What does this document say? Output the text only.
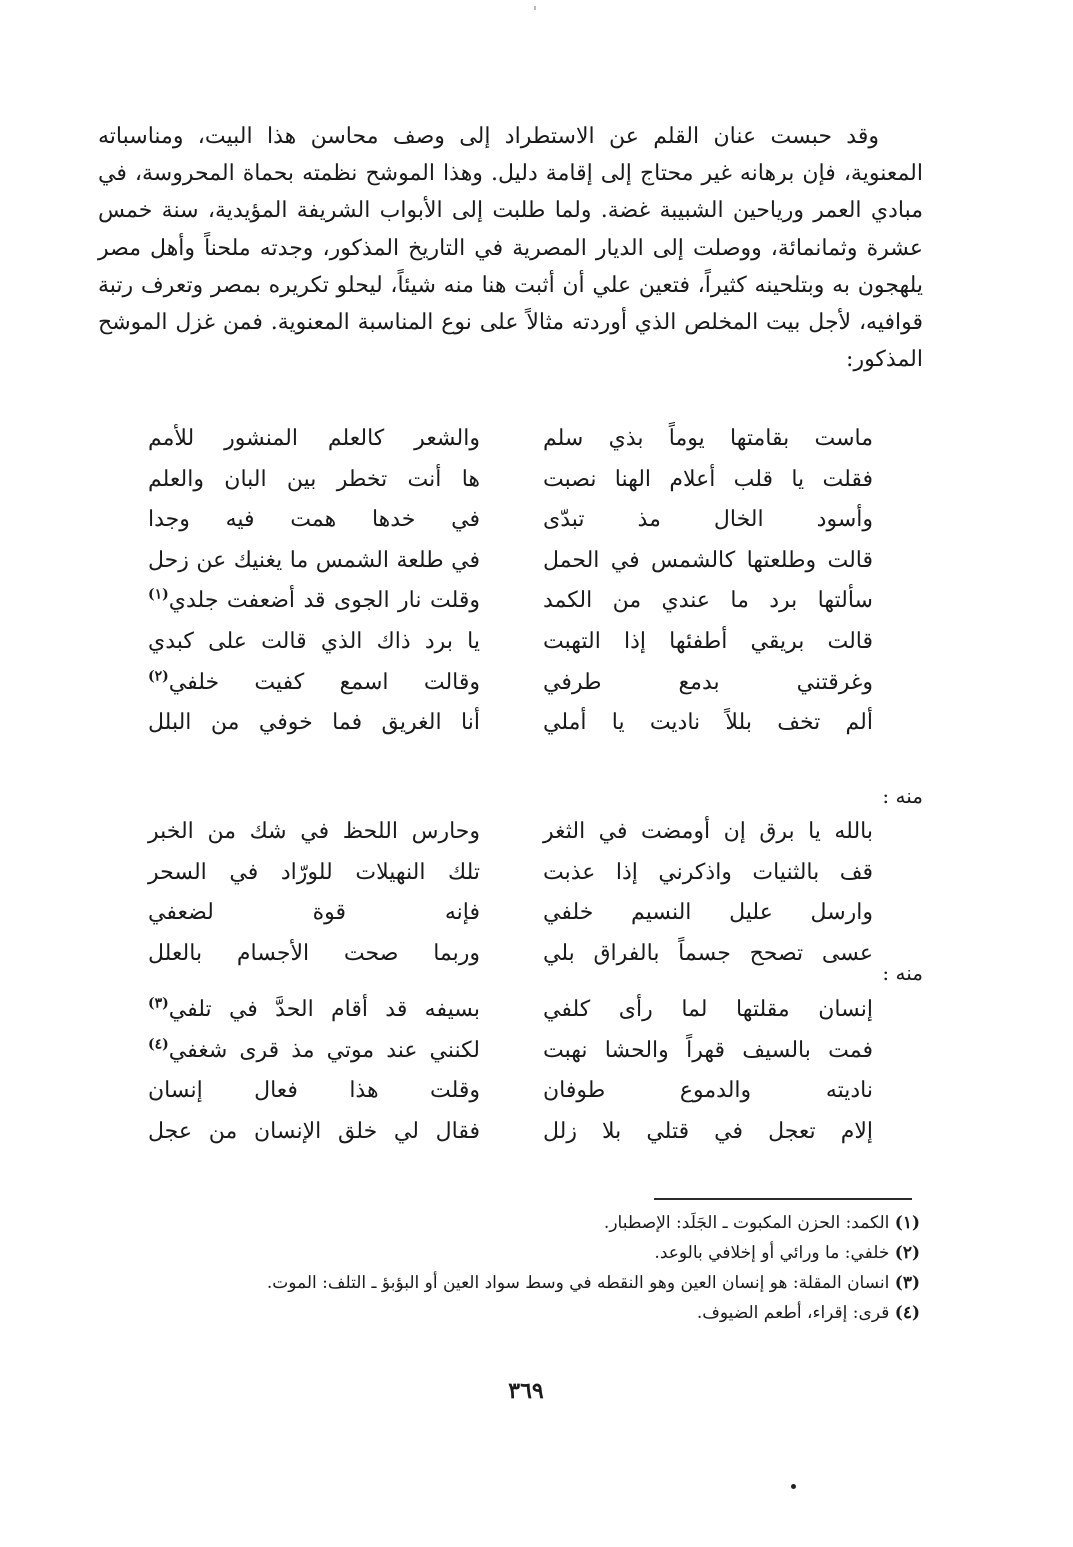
وقد حبست عنان القلم عن الاستطراد إلى وصف محاسن هذا البيت، ومناسباته المعنوية، فإن برهانه غير محتاج إلى إقامة دليل. وهذا الموشح نظمته بحماة المحروسة، في مبادي العمر ورياحين الشبيبة غضة. ولما طلبت إلى الأبواب الشريفة المؤيدية، سنة خمس عشرة وثمانمائة، ووصلت إلى الديار المصرية في التاريخ المذكور، وجدته ملحناً وأهل مصر يلهجون به وبتلحينه كثيراً، فتعين علي أن أثبت هنا منه شيئاً، ليحلو تكريره بمصر وتعرف رتبة قوافيه، لأجل بيت المخلص الذي أوردته مثالاً على نوع المناسبة المعنوية. فمن غزل الموشح المذكور:

ماست بقامتها يوماً بذي سلم
فقلت يا قلب أعلام الهنا نصبت
وأسود الخال مذ تبدّى
قالت وطلعتها كالشمس في الحمل
سألتها برد ما عندي من الكمد
قالت بريقي أطفئها إذا التهبت
وغرقتني بدمع طرفي
ألم تخف بللاً ناديت يا أملي
والشعر كالعلم المنشور للأمم
ها أنت تخطر بين البان والعلم
في خدها همت فيه وجدا
في طلعة الشمس ما يغنيك عن زحل
وقلت نار الجوى قد أضعفت جلدي$^{(١)}$
يا برد ذاك الذي قالت على كبدي
وقالت اسمع كفيت خلفي$^{(٢)}$
أنا الغريق فما خوفي من البلل
منه :
بالله يا برق إن أومضت في الثغر
قف بالثنيات واذكرني إذا عذبت
وارسل عليل النسيم خلفي
عسى تصحح جسماً بالفراق بلي
وحارس اللحظ في شك من الخبر
تلك النهيلات للورّاد في السحر
فإنه قوة لضعفي
وربما صحت الأجسام بالعلل
منه :
إنسان مقلتها لما رأى كلفي
فمت بالسيف قهراً والحشا نهبت
ناديته والدموع طوفان
إلام تعجل في قتلي بلا زلل
بسيفه قد أقام الحدَّ في تلفي$^{(٣)}$
لكنني عند موتي مذ قرى شغفي$^{(٤)}$
وقلت هذا فعال إنسان
فقال لي خلق الإنسان من عجل
(١) الكمد: الحزن المكبوت ـ الجَلَد: الإصطبار.
(٢) خلفي: ما ورائي أو إخلافي بالوعد.
(٣) انسان المقلة: هو إنسان العين وهو النقطه في وسط سواد العين أو البؤبؤ ـ التلف: الموت.
(٤) قرى: إقراء، أطعم الضيوف.
٣٦٩
